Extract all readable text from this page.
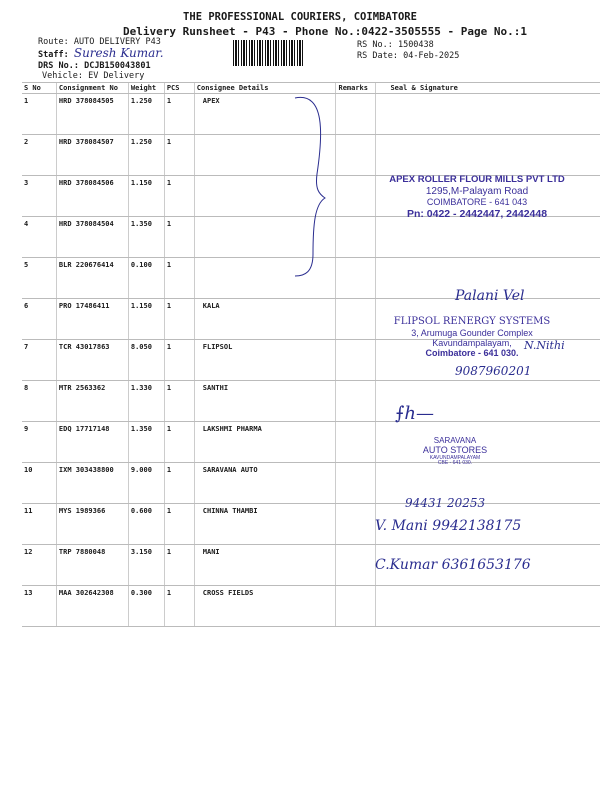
THE PROFESSIONAL COURIERS, COIMBATORE
Delivery Runsheet - P43 - Phone No.:0422-3505555 - Page No.:1
Route: AUTO DELIVERY P43
Staff: Suresh Kumar.
DRS No.: DCJB150043801
Vehicle: EV Delivery
RS No.: 1500438
RS Date: 04-Feb-2025
S No	Consignment No	Weight	PCS	Consignee Details	Remarks	Seal & Signature
1	HRD 378084505	1.250	1	APEX		
2	HRD 378084507	1.250	1			
3	HRD 378084506	1.150	1			
4	HRD 378084504	1.350	1			
5	BLR 220676414	0.100	1			
6	PRO 17486411	1.150	1	KALA		
7	TCR 43017863	8.050	1	FLIPSOL		
8	MTR 2563362	1.330	1	SANTHI		
9	EDQ 17717148	1.350	1	LAKSHMI PHARMA		
10	IXM 303438800	9.000	1	SARAVANA AUTO		
11	MYS 1989366	0.600	1	CHINNA THAMBI		
12	TRP 7880048	3.150	1	MANI		
13	MAA 302642308	0.300	1	CROSS FIELDS		
APEX ROLLER FLOUR MILLS PVT LTD
1295,M-Palayam Road
COIMBATORE - 641 043
Pn: 0422 - 2442447, 2442448
Palani Vel
FLIPSOL RENERGY SYSTEMS
3, Arumuga Gounder Complex
Kavundampalayam,
Coimbatore - 641 030.
N.Nithi
9087960201
⨍h—
SARAVANA
AUTO STORES
KAVUNDAMPALAYAM
CBE - 641 030.
94431 20253
V. Mani 9942138175
C.Kumar 6361653176
